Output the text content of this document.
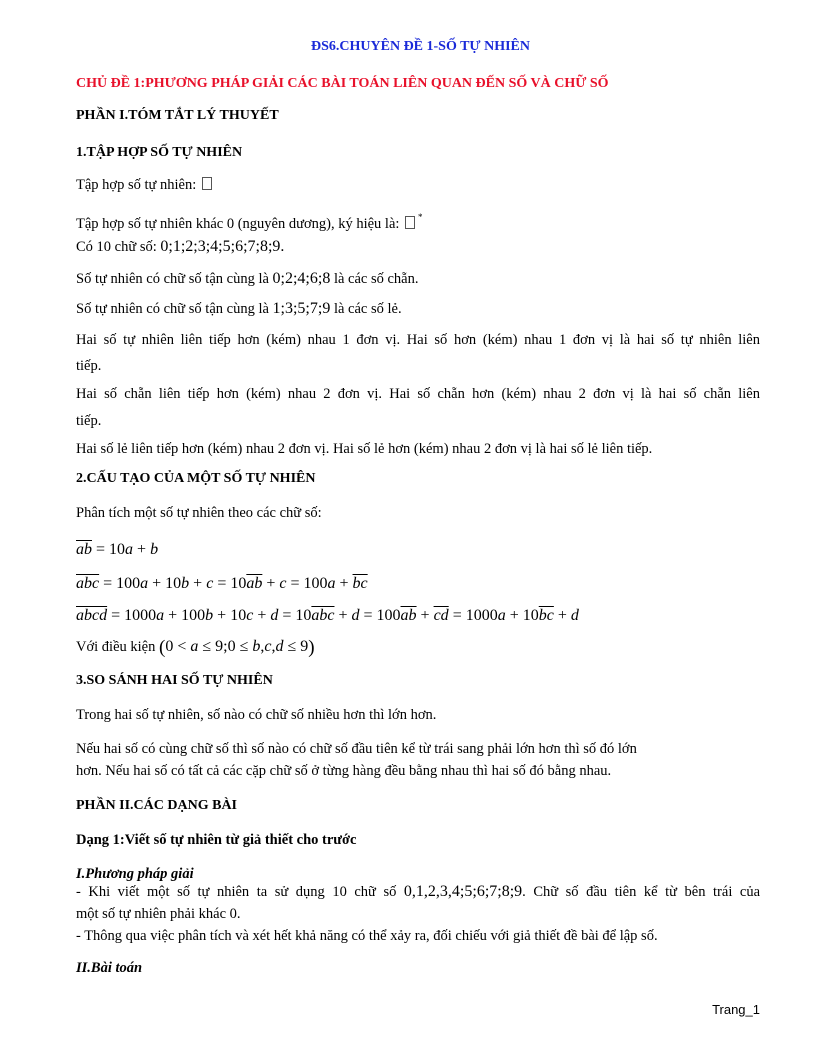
ĐS6.CHUYÊN ĐỀ 1-SỐ TỰ NHIÊN
CHỦ ĐỀ 1:PHƯƠNG PHÁP GIẢI CÁC BÀI TOÁN LIÊN QUAN ĐẾN SỐ VÀ CHỮ SỐ
PHẦN I.TÓM TẮT LÝ THUYẾT
1.TẬP HỢP SỐ TỰ NHIÊN
Tập hợp số tự nhiên:
Tập hợp số tự nhiên khác 0 (nguyên dương), ký hiệu là: *
Có 10 chữ số: 0;1;2;3;4;5;6;7;8;9.
Số tự nhiên có chữ số tận cùng là 0;2;4;6;8 là các số chẵn.
Số tự nhiên có chữ số tận cùng là 1;3;5;7;9 là các số lẻ.
Hai số tự nhiên liên tiếp hơn (kém) nhau 1 đơn vị. Hai số hơn (kém) nhau 1 đơn vị là hai số tự nhiên liên
tiếp.
Hai số chẵn liên tiếp hơn (kém) nhau 2 đơn vị. Hai số chẵn hơn (kém) nhau 2 đơn vị là hai số chẵn liên
tiếp.
Hai số lẻ liên tiếp hơn (kém) nhau 2 đơn vị. Hai số lẻ hơn (kém) nhau 2 đơn vị là hai số lẻ liên tiếp.
2.CẤU TẠO CỦA MỘT SỐ TỰ NHIÊN
Phân tích một số tự nhiên theo các chữ số:
$\overline{ab} = 10a + b$
$\overline{abc} = 100a + 10b + c = 10\overline{ab} + c = 100a + \overline{bc}$
abcd = $1000a + 100b + 10c + d = 10\overline{abc} + d = 100\overline{ab} + \overline{cd} = 1000a + 10\overline{bc} + d$
Với điều kiện (0 < a ≤ 9;0 ≤ b,c,d ≤ 9)
3.SO SÁNH HAI SỐ TỰ NHIÊN
Trong hai số tự nhiên, số nào có chữ số nhiều hơn thì lớn hơn.
Nếu hai số có cùng chữ số thì số nào có chữ số đầu tiên kể từ trái sang phải lớn hơn thì số đó lớn
hơn. Nếu hai số có tất cả các cặp chữ số ở từng hàng đều bằng nhau thì hai số đó bằng nhau.
PHẦN II.CÁC DẠNG BÀI
Dạng 1:Viết số tự nhiên từ giả thiết cho trước
I.Phương pháp giải
- Khi viết một số tự nhiên ta sử dụng 10 chữ số 0,1,2,3,4;5;6;7;8;9. Chữ số đầu tiên kể từ bên trái của
một số tự nhiên phải khác 0.
- Thông qua việc phân tích và xét hết khả năng có thể xảy ra, đối chiếu với giả thiết đề bài để lập số.
II.Bài toán
Trang_1
